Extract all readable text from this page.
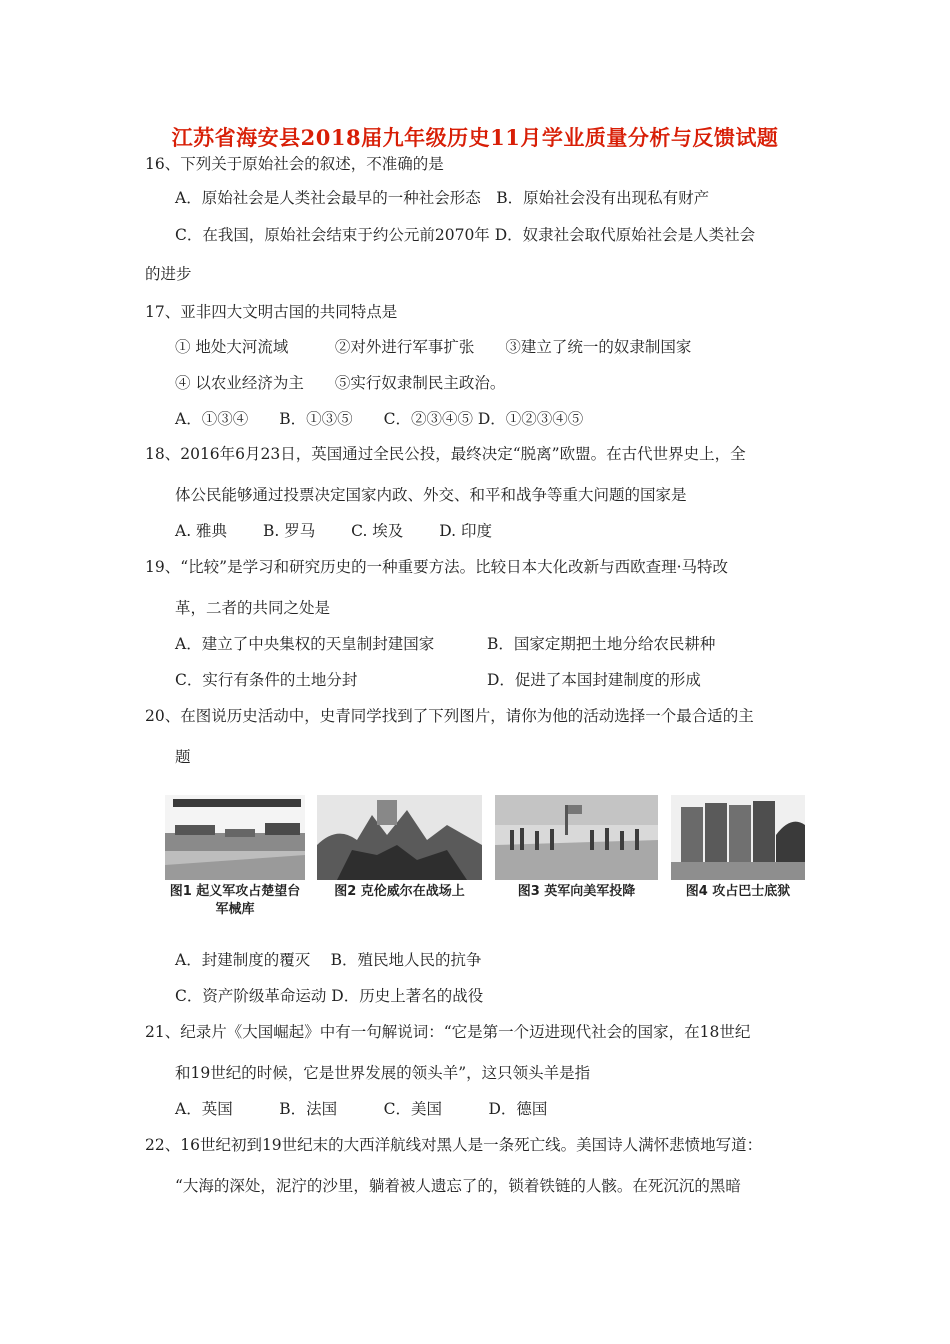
江苏省海安县2018届九年级历史11月学业质量分析与反馈试题
16、下列关于原始社会的叙述，不准确的是
A．原始社会是人类社会最早的一种社会形态　B．原始社会没有出现私有财产
C．在我国，原始社会结束于约公元前2070年 D．奴隶社会取代原始社会是人类社会
的进步
17、亚非四大文明古国的共同特点是
① 地处大河流域　　　②对外进行军事扩张　　③建立了统一的奴隶制国家
④ 以农业经济为主　　⑤实行奴隶制民主政治。
A．①③④　　B．①③⑤　　C．②③④⑤ D．①②③④⑤
18、2016年6月23日，英国通过全民公投，最终决定“脱离”欧盟。在古代世界史上，全
体公民能够通过投票决定国家内政、外交、和平和战争等重大问题的国家是
A. 雅典　　 B. 罗马　　 C. 埃及　　 D. 印度
19、“比较”是学习和研究历史的一种重要方法。比较日本大化改新与西欧查理·马特改
革，二者的共同之处是
A．建立了中央集权的天皇制封建国家	B．国家定期把土地分给农民耕种
C．实行有条件的土地分封	D．促进了本国封建制度的形成
20、在图说历史活动中，史青同学找到了下列图片，请你为他的活动选择一个最合适的主
题
图1 起义军攻占楚望台军械库
图2 克伦威尔在战场上	图3 英军向美军投降	图4 攻占巴士底狱
A．封建制度的覆灭　 B．殖民地人民的抗争
C．资产阶级革命运动 D．历史上著名的战役
21、纪录片《大国崛起》中有一句解说词：“它是第一个迈进现代社会的国家，在18世纪
和19世纪的时候，它是世界发展的领头羊”，这只领头羊是指
A．英国　　　B．法国　　　C．美国　　　D．德国
22、16世纪初到19世纪末的大西洋航线对黑人是一条死亡线。美国诗人满怀悲愤地写道：
“大海的深处，泥泞的沙里，躺着被人遗忘了的，锁着铁链的人骸。在死沉沉的黑暗
